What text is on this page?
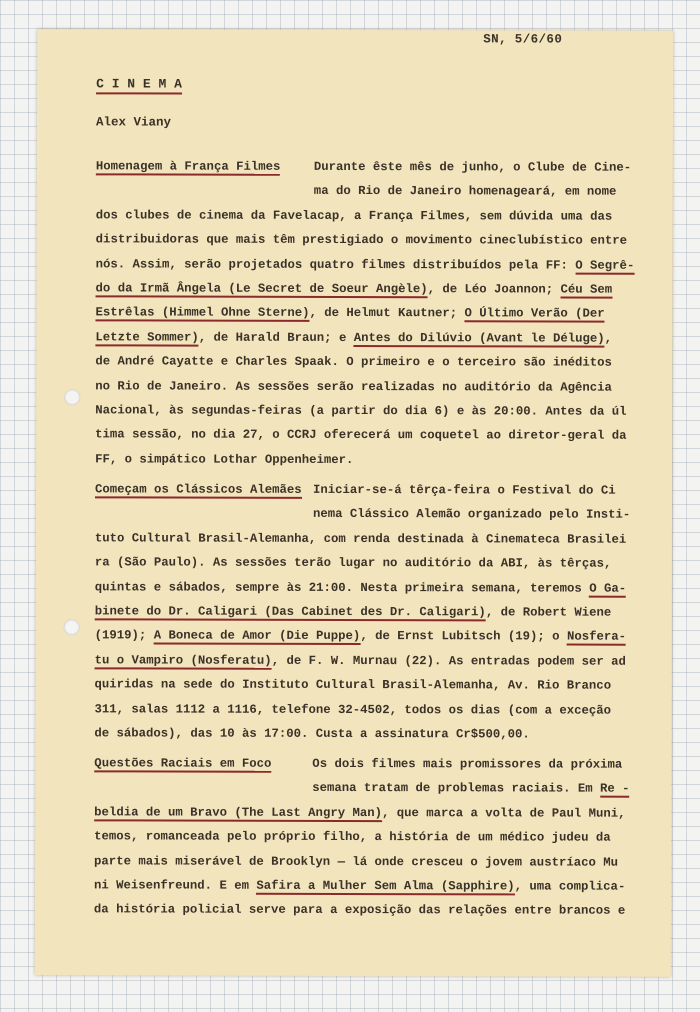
SN, 5/6/60
C I N E M A
Alex Viany
Homenagem à França Filmes	Durante êste mês de junho, o Clube de Cine-
ma do Rio de Janeiro homenageará, em nome
dos clubes de cinema da Favelacap, a França Filmes, sem dúvida uma das
distribuidoras que mais têm prestigiado o movimento cineclubístico entre
nós. Assim, serão projetados quatro filmes distribuídos pela FF: O Segrê-
do da Irmã Ângela (Le Secret de Soeur Angèle), de Léo Joannon; Céu Sem
Estrêlas (Himmel Ohne Sterne), de Helmut Kautner; O Último Verão (Der
Letzte Sommer), de Harald Braun; e Antes do Dilúvio (Avant le Déluge),
de André Cayatte e Charles Spaak. O primeiro e o terceiro são inéditos
no Rio de Janeiro. As sessões serão realizadas no auditório da Agência
Nacional, às segundas-feiras (a partir do dia 6) e às 20:00. Antes da úl
tima sessão, no dia 27, o CCRJ oferecerá um coquetel ao diretor-geral da
FF, o simpático Lothar Oppenheimer.
Começam os Clássicos Alemães Iniciar-se-á têrça-feira o Festival do Ci
nema Clássico Alemão organizado pelo Insti-
tuto Cultural Brasil-Alemanha, com renda destinada à Cinemateca Brasilei
ra (São Paulo). As sessões terão lugar no auditório da ABI, às têrças,
quintas e sábados, sempre às 21:00. Nesta primeira semana, teremos O Ga-
binete do Dr. Caligari (Das Cabinet des Dr. Caligari), de Robert Wiene
(1919); A Boneca de Amor (Die Puppe), de Ernst Lubitsch (19); o Nosfera-
tu o Vampiro (Nosferatu), de F. W. Murnau (22). As entradas podem ser ad
quiridas na sede do Instituto Cultural Brasil-Alemanha, Av. Rio Branco
311, salas 1112 a 1116, telefone 32-4502, todos os dias (com a exceção
de sábados), das 10 às 17:00. Custa a assinatura Cr$500,00.
Questões Raciais em Foco	Os dois filmes mais promissores da próxima
semana tratam de problemas raciais. Em Re -
beldia de um Bravo (The Last Angry Man), que marca a volta de Paul Muni,
temos, romanceada pelo próprio filho, a história de um médico judeu da
parte mais miserável de Brooklyn — lá onde cresceu o jovem austríaco Mu
ni Weisenfreund. E em Safira a Mulher Sem Alma (Sapphire), uma complica-
da história policial serve para a exposição das relações entre brancos e
